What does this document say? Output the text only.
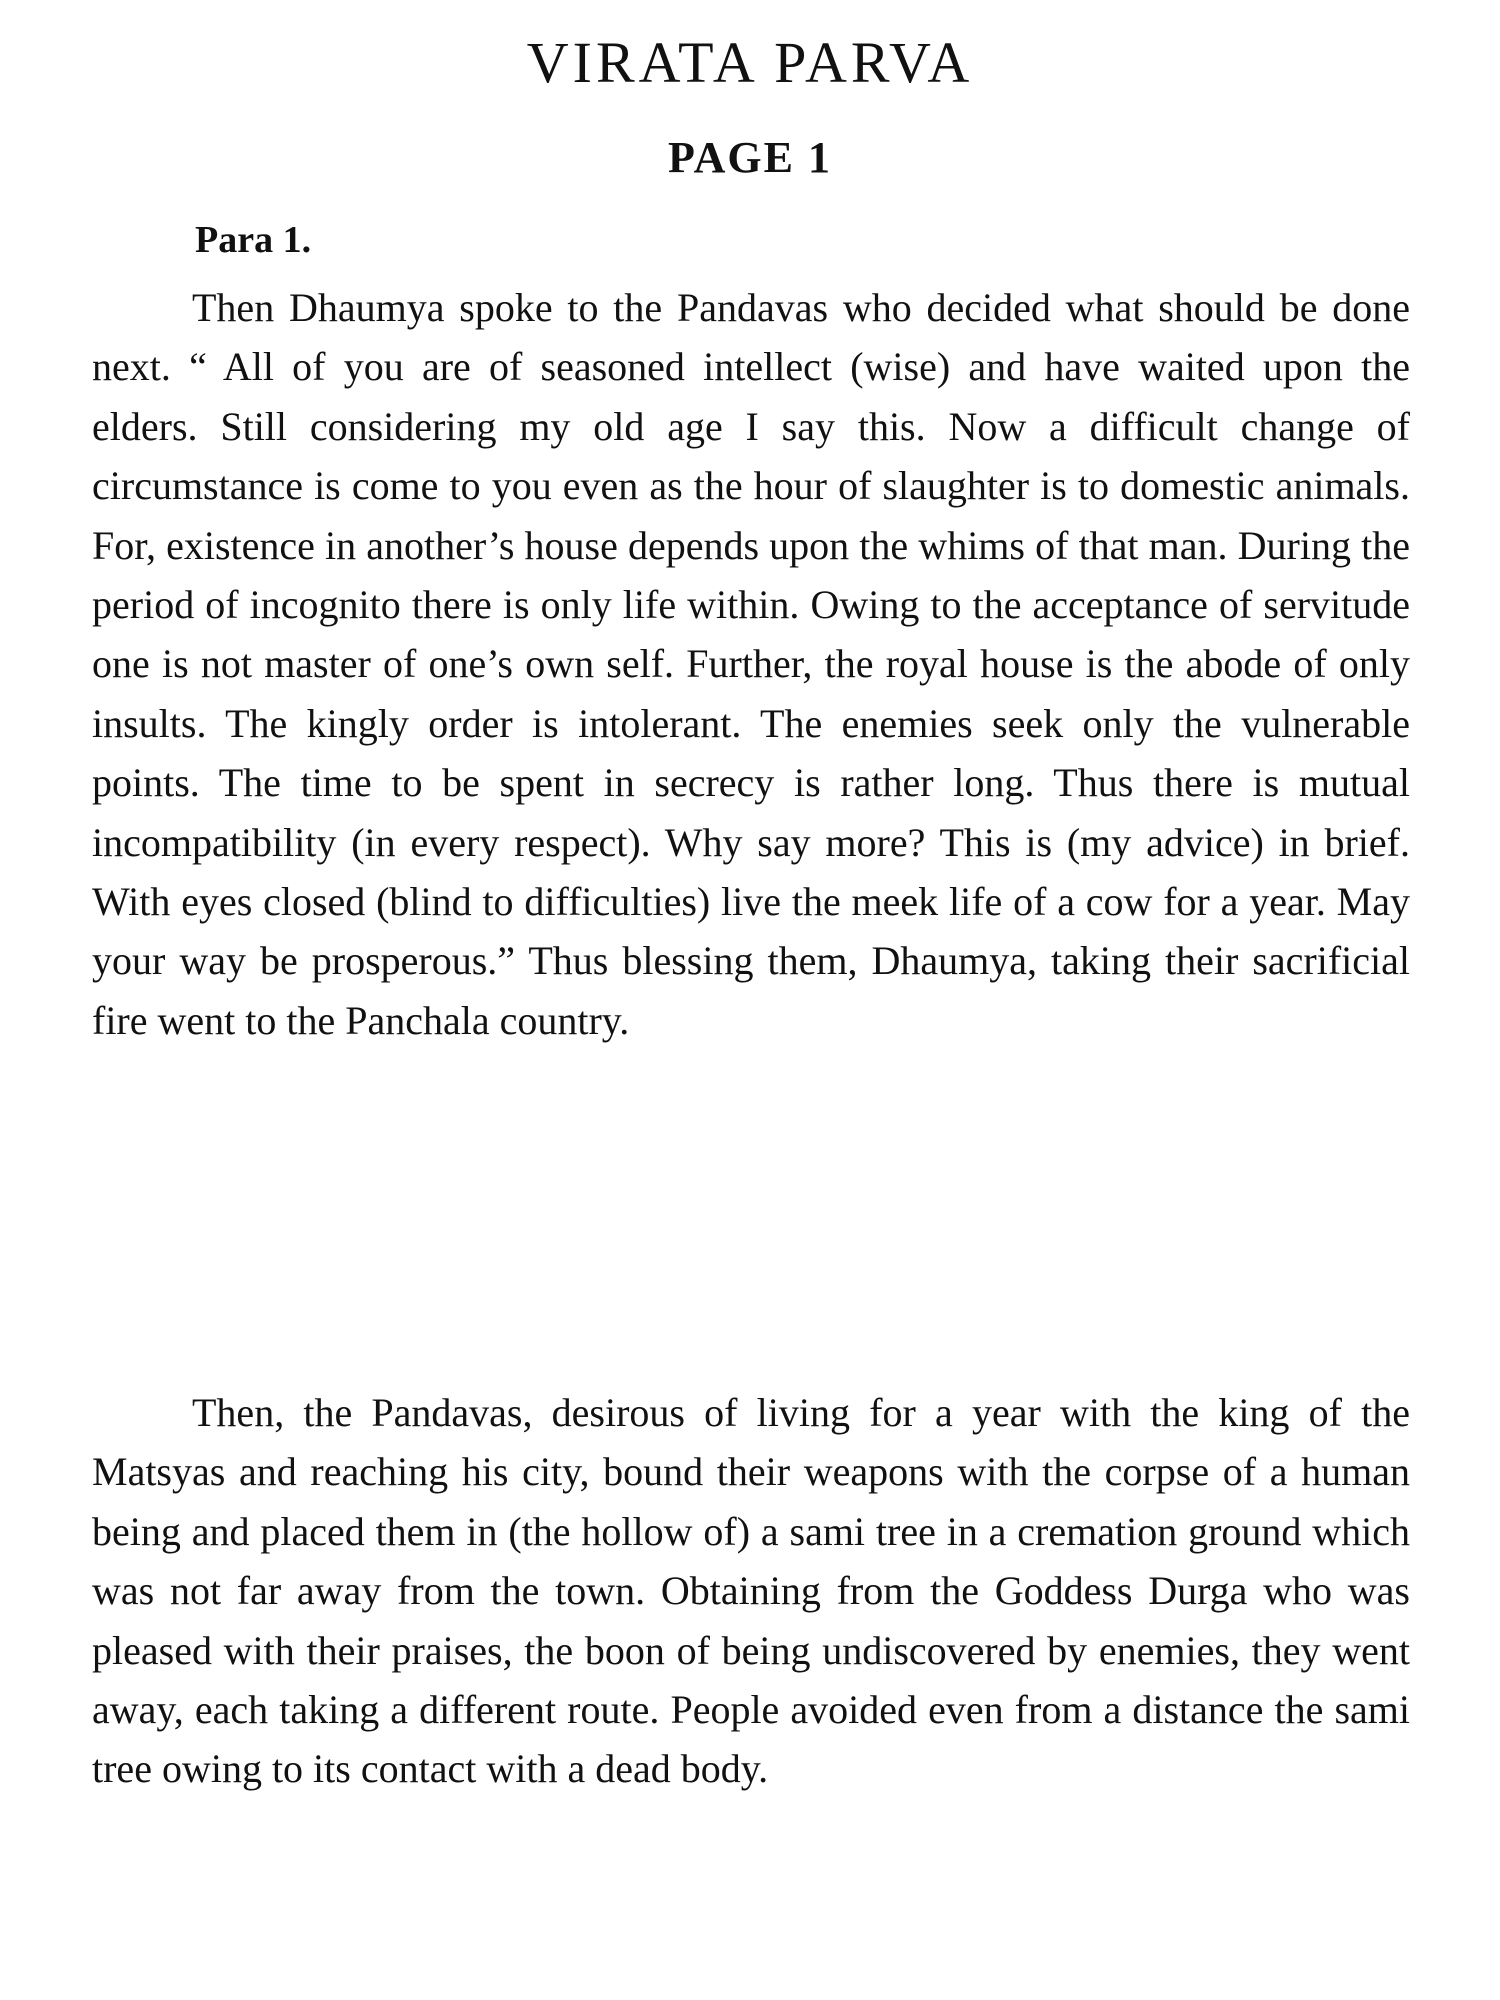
VIRATA PARVA
PAGE 1
Para 1.

Then Dhaumya spoke to the Pandavas who decided what should be done next. “ All of you are of seasoned intellect (wise) and have waited upon the elders. Still considering my old age I say this. Now a difficult change of circumstance is come to you even as the hour of slaughter is to domestic animals. For, existence in another’s house depends upon the whims of that man. During the period of incognito there is only life within. Owing to the acceptance of servitude one is not master of one’s own self. Further, the royal house is the abode of only insults. The kingly order is intolerant. The enemies seek only the vulnerable points. The time to be spent in secrecy is rather long. Thus there is mutual incompatibility (in every respect). Why say more? This is (my advice) in brief. With eyes closed (blind to difficulties) live the meek life of a cow for a year. May your way be prosperous.” Thus blessing them, Dhaumya, taking their sacrificial fire went to the Panchala country.

Then, the Pandavas, desirous of living for a year with the king of the Matsyas and reaching his city, bound their weapons with the corpse of a human being and placed them in (the hollow of) a sami tree in a cremation ground which was not far away from the town. Obtaining from the Goddess Durga who was pleased with their praises, the boon of being undiscovered by enemies, they went away, each taking a different route. People avoided even from a distance the sami tree owing to its contact with a dead body.
